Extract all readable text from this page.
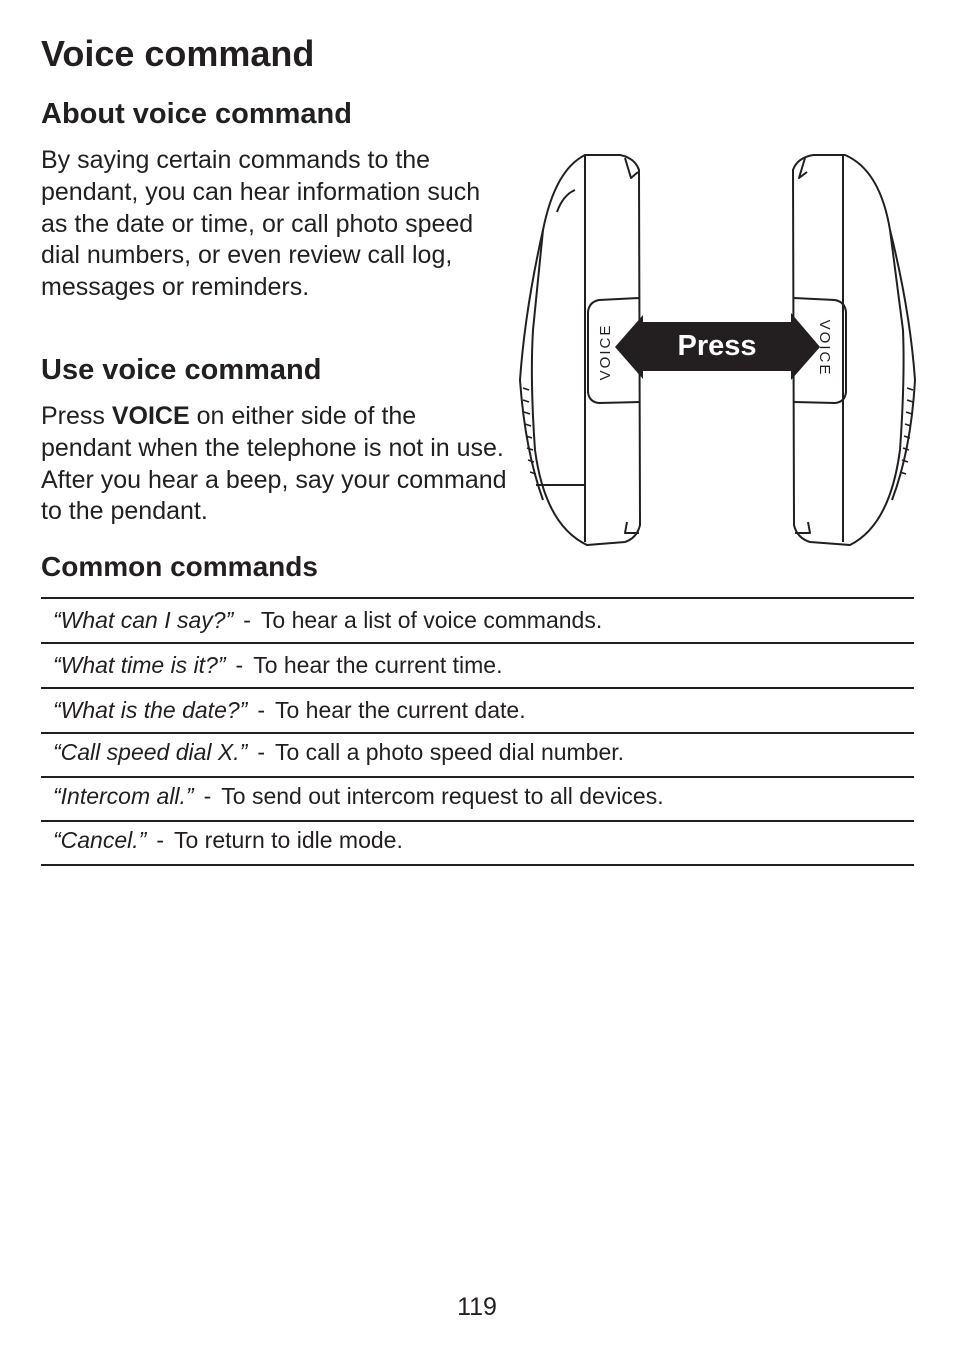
Voice command
About voice command

By saying certain commands to the pendant, you can hear information such as the date or time, or call photo speed dial numbers, or even review call log, messages or reminders.

Use voice command

Press VOICE on either side of the pendant when the telephone is not in use. After you hear a beep, say your command to the pendant.

Press
VOICE	VOICE
Common commands
“What can I say?” - To hear a list of voice commands.
“What time is it?” - To hear the current time.
“What is the date?” - To hear the current date.
“Call speed dial X.” - To call a photo speed dial number.
“Intercom all.” - To send out intercom request to all devices.
“Cancel.” - To return to idle mode.
119
